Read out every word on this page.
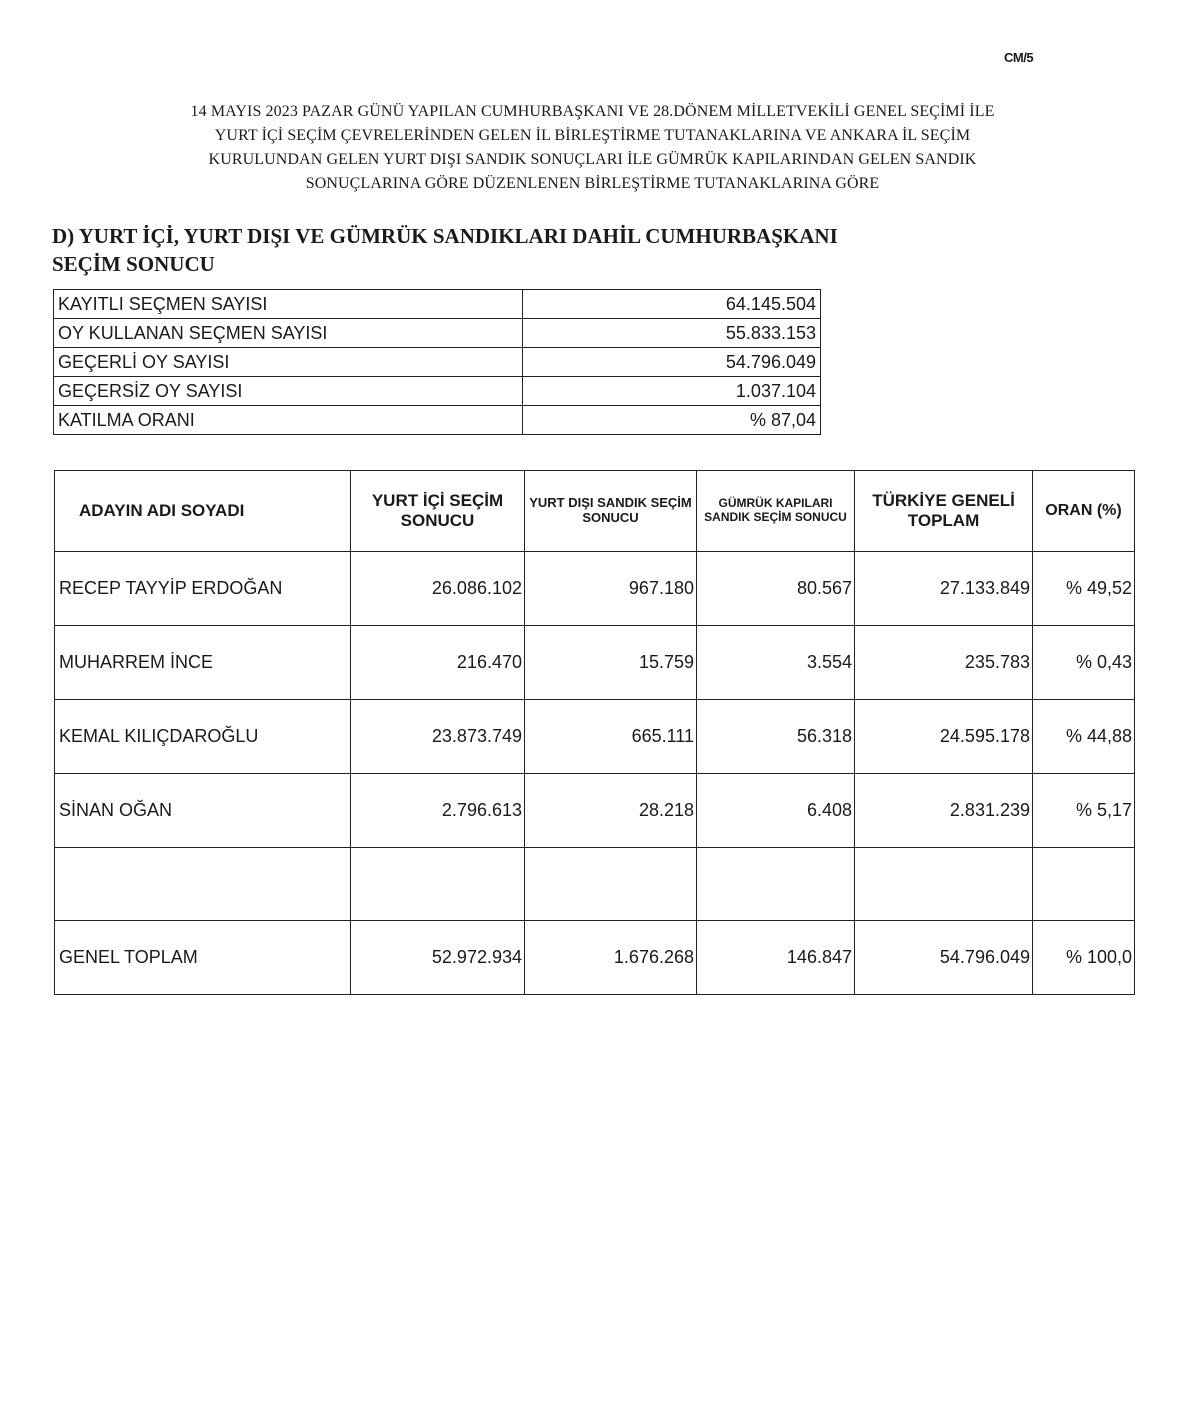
CM/5
14 MAYIS 2023 PAZAR GÜNÜ YAPILAN CUMHURBAŞKANI VE 28.DÖNEM MİLLETVEKİLİ GENEL SEÇİMİ İLE
YURT İÇİ SEÇİM ÇEVRELERİNDEN GELEN İL BİRLEŞTİRME TUTANAKLARINA VE ANKARA İL SEÇİM
KURULUNDAN GELEN YURT DIŞI SANDIK SONUÇLARI İLE GÜMRÜK KAPILARINDAN GELEN SANDIK
SONUÇLARINA GÖRE DÜZENLENEN BİRLEŞTİRME TUTANAKLARINA GÖRE
D) YURT İÇİ, YURT DIŞI VE GÜMRÜK SANDIKLARI DAHİL CUMHURBAŞKANI
SEÇİM SONUCU
KAYITLI SEÇMEN SAYISI	64.145.504
OY KULLANAN SEÇMEN SAYISI	55.833.153
GEÇERLİ OY SAYISI	54.796.049
GEÇERSİZ OY SAYISI	1.037.104
KATILMA ORANI	% 87,04
ADAYIN ADI SOYADI	YURT İÇİ SEÇİM SONUCU	YURT DIŞI SANDIK SEÇİM SONUCU	GÜMRÜK KAPILARI SANDIK SEÇİM SONUCU	TÜRKİYE GENELİ TOPLAM	ORAN (%)
RECEP TAYYİP ERDOĞAN	26.086.102	967.180	80.567	27.133.849	% 49,52
MUHARREM İNCE	216.470	15.759	3.554	235.783	% 0,43
KEMAL KILIÇDAROĞLU	23.873.749	665.111	56.318	24.595.178	% 44,88
SİNAN OĞAN	2.796.613	28.218	6.408	2.831.239	% 5,17

GENEL TOPLAM	52.972.934	1.676.268	146.847	54.796.049	% 100,0
